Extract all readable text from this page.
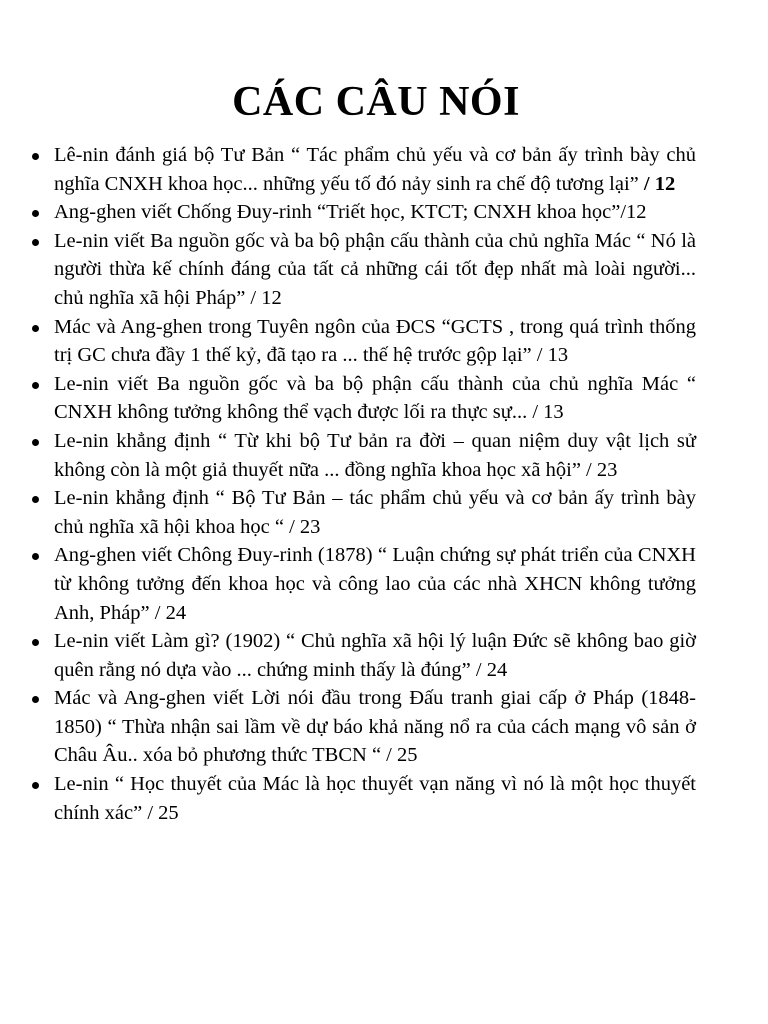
CÁC CÂU NÓI
Lê-nin đánh giá bộ Tư Bản “ Tác phẩm chủ yếu và cơ bản ấy trình bày chủ nghĩa CNXH khoa học... những yếu tố đó nảy sinh ra chế độ tương lại” / 12
Ang-ghen viết Chống Đuy-rinh “Triết học, KTCT; CNXH khoa học”/12
Le-nin viết Ba nguồn gốc và ba bộ phận cấu thành của chủ nghĩa Mác “ Nó là người thừa kế chính đáng của tất cả những cái tốt đẹp nhất mà loài người... chủ nghĩa xã hội Pháp” / 12
Mác và Ang-ghen trong Tuyên ngôn của ĐCS “GCTS , trong quá trình thống trị GC chưa đầy 1 thế kỷ, đã tạo ra ... thế hệ trước gộp lại” / 13
Le-nin viết Ba nguồn gốc và ba bộ phận cấu thành của chủ nghĩa Mác “ CNXH không tưởng không thể vạch được lối ra thực sự... / 13
Le-nin khẳng định “ Từ khi bộ Tư bản ra đời – quan niệm duy vật lịch sử không còn là một giả thuyết nữa ... đồng nghĩa khoa học xã hội” / 23
Le-nin khẳng định “ Bộ Tư Bản – tác phẩm chủ yếu và cơ bản ấy trình bày chủ nghĩa xã hội khoa học “ / 23
Ang-ghen viết Chông Đuy-rinh (1878) “ Luận chứng sự phát triển của CNXH từ không tưởng đến khoa học và công lao của các nhà XHCN không tưởng Anh, Pháp” / 24
Le-nin viết Làm gì? (1902) “ Chủ nghĩa xã hội lý luận Đức sẽ không bao giờ quên rằng nó dựa vào ... chứng minh thấy là đúng” / 24
Mác và Ang-ghen viết Lời nói đầu trong Đấu tranh giai cấp ở Pháp (1848-1850) “ Thừa nhận sai lầm về dự báo khả năng nổ ra của cách mạng vô sản ở Châu Âu.. xóa bỏ phương thức TBCN “ / 25
Le-nin “ Học thuyết của Mác là học thuyết vạn năng vì nó là một học thuyết chính xác” / 25
